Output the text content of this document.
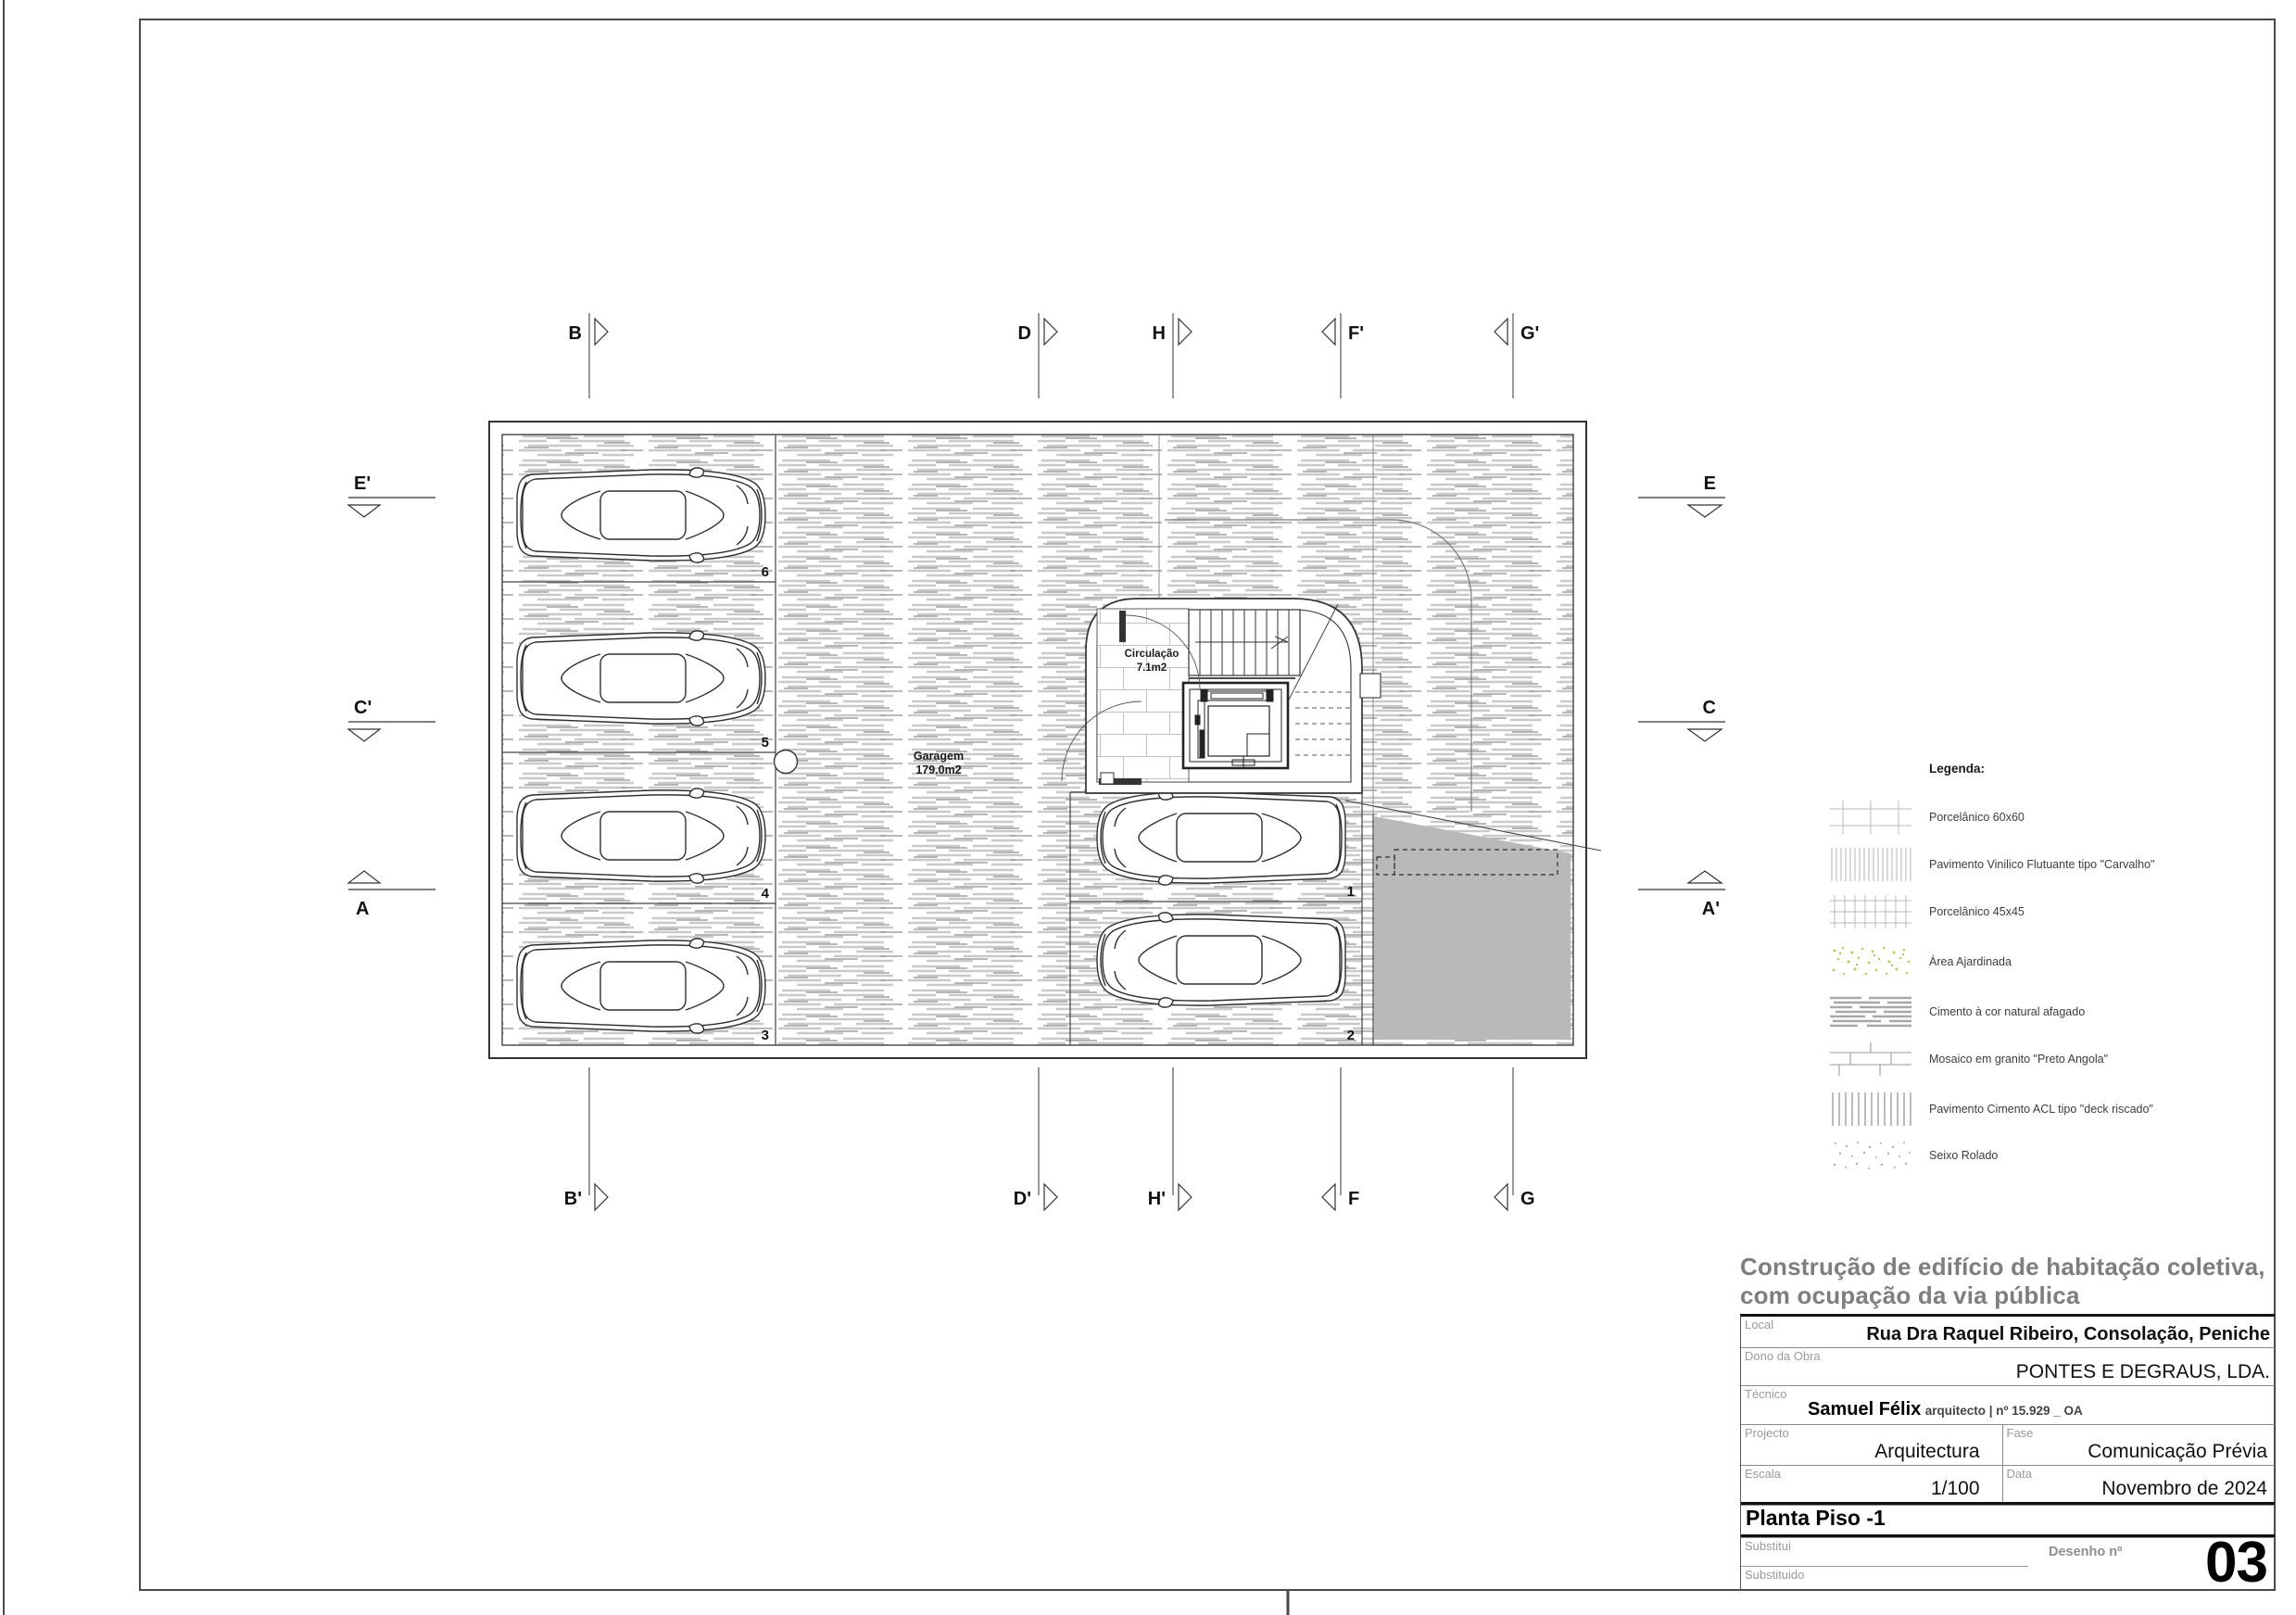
Garagem
179.0m2
Circulação
7.1m2
1
2
3
4
5
6
B	D	H	F'	G'
B'	D'	H'	F	G
E'
C'
A
E
C
A'
Legenda:
Porcelânico 60x60
Pavimento Vinilico Flutuante tipo "Carvalho"
Porcelânico 45x45
Área Ajardinada
Cimento à cor natural afagado
Mosaico em granito "Preto Angola"
Pavimento Cimento ACL tipo "deck riscado"
Seixo Rolado
Construção de edifício de habitação coletiva,
com ocupação da via pública
Local	Rua Dra Raquel Ribeiro, Consolação, Peniche
Dono da Obra
PONTES E DEGRAUS, LDA.
Técnico
Samuel Félix arquitecto | nº 15.929 _ OA
Projecto
Arquitectura
Fase
Comunicação Prévia
Escala
1/100
Data
Novembro de 2024
Planta Piso -1
Substitui
Substituido
Desenho nº 03
